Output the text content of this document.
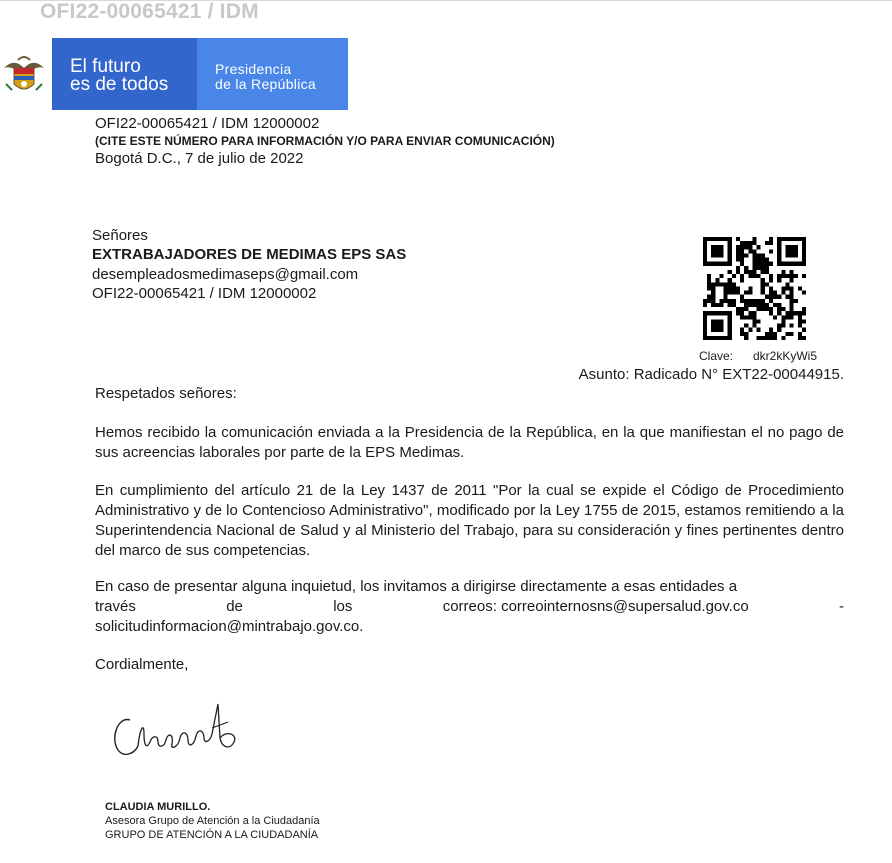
OFI22-00065421 / IDM
El futuro
es de todos
Presidencia
de la República
OFI22-00065421 / IDM 12000002
(CITE ESTE NÚMERO PARA INFORMACIÓN Y/O PARA ENVIAR COMUNICACIÓN)
Bogotá D.C., 7 de julio de 2022
Señores
EXTRABAJADORES DE MEDIMAS EPS SAS
desempleadosmedimaseps@gmail.com
OFI22-00065421 / IDM 12000002
Clave: dkr2kKyWi5
Asunto: Radicado N° EXT22-00044915.
Respetados señores:
Hemos recibido la comunicación enviada a la Presidencia de la República, en la que manifiestan el no pago de sus acreencias laborales por parte de la EPS Medimas.
En cumplimiento del artículo 21 de la Ley 1437 de 2011 "Por la cual se expide el Código de Procedimiento Administrativo y de lo Contencioso Administrativo", modificado por la Ley 1755 de 2015, estamos remitiendo a la Superintendencia Nacional de Salud y al Ministerio del Trabajo, para su consideración y fines pertinentes dentro del marco de sus competencias.
En caso de presentar alguna inquietud, los invitamos a dirigirse directamente a esas entidades a
través	de	los	correos: correointernosns@supersalud.gov.co	-
solicitudinformacion@mintrabajo.gov.co.
Cordialmente,
CLAUDIA MURILLO.
Asesora Grupo de Atención a la Ciudadanía
GRUPO DE ATENCIÓN A LA CIUDADANÍA
